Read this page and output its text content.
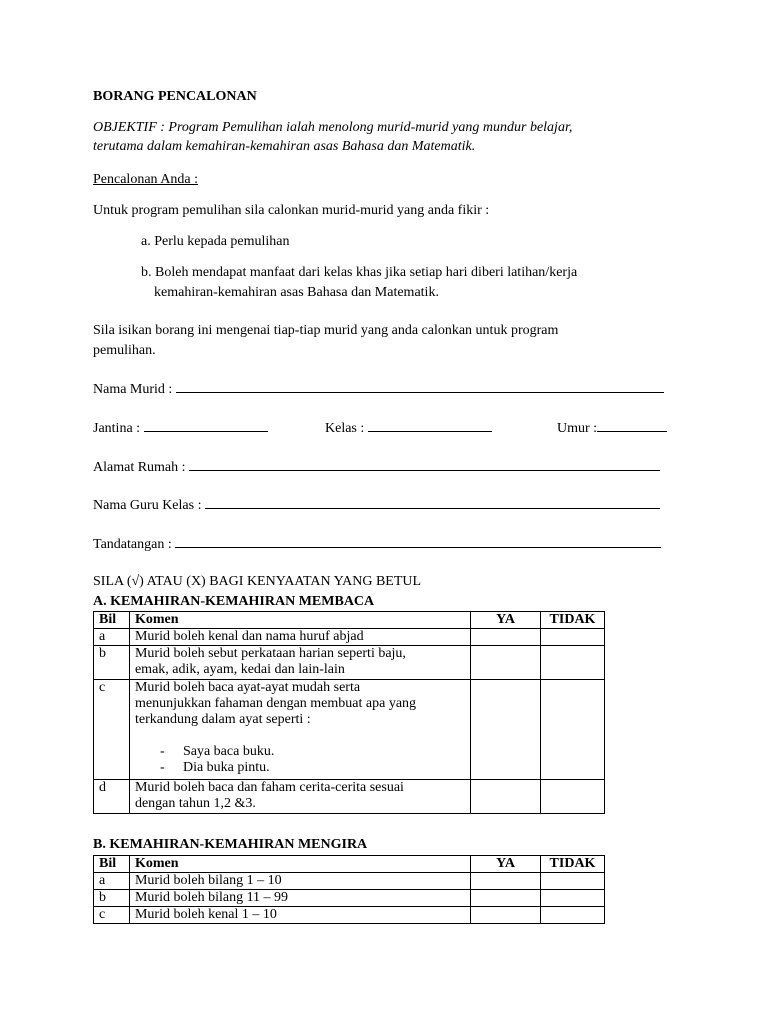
BORANG PENCALONAN
OBJEKTIF : Program Pemulihan ialah menolong murid-murid yang mundur belajar,
terutama dalam kemahiran-kemahiran asas Bahasa dan Matematik.
Pencalonan Anda :
Untuk program pemulihan sila calonkan murid-murid yang anda fikir :
a. Perlu kepada pemulihan
b. Boleh mendapat manfaat dari kelas khas jika setiap hari diberi latihan/kerja
kemahiran-kemahiran asas Bahasa dan Matematik.
Sila isikan borang ini mengenai tiap-tiap murid yang anda calonkan untuk program
pemulihan.
Nama Murid :
Jantina :	Kelas :	Umur :
Alamat Rumah :
Nama Guru Kelas :
Tandatangan :
SILA (√) ATAU (X) BAGI KENYAATAN YANG BETUL
A. KEMAHIRAN-KEMAHIRAN MEMBACA
Bil	Komen	YA	TIDAK
a	Murid boleh kenal dan nama huruf abjad		

b	Murid boleh sebut perkataan harian seperti baju,
emak, adik, ayam, kedai dan lain-lain		

c	Murid boleh baca ayat-ayat mudah serta
menunjukkan fahaman dengan membuat apa yang
terkandung dalam ayat seperti :
- Saya baca buku.
- Dia buka pintu.		

d	Murid boleh baca dan faham cerita-cerita sesuai
dengan tahun 1,2 &3.		

B. KEMAHIRAN-KEMAHIRAN MENGIRA
Bil	Komen	YA	TIDAK
a	Murid boleh bilang 1 – 10		
b	Murid boleh bilang 11 – 99		
c	Murid boleh kenal 1 – 10		
